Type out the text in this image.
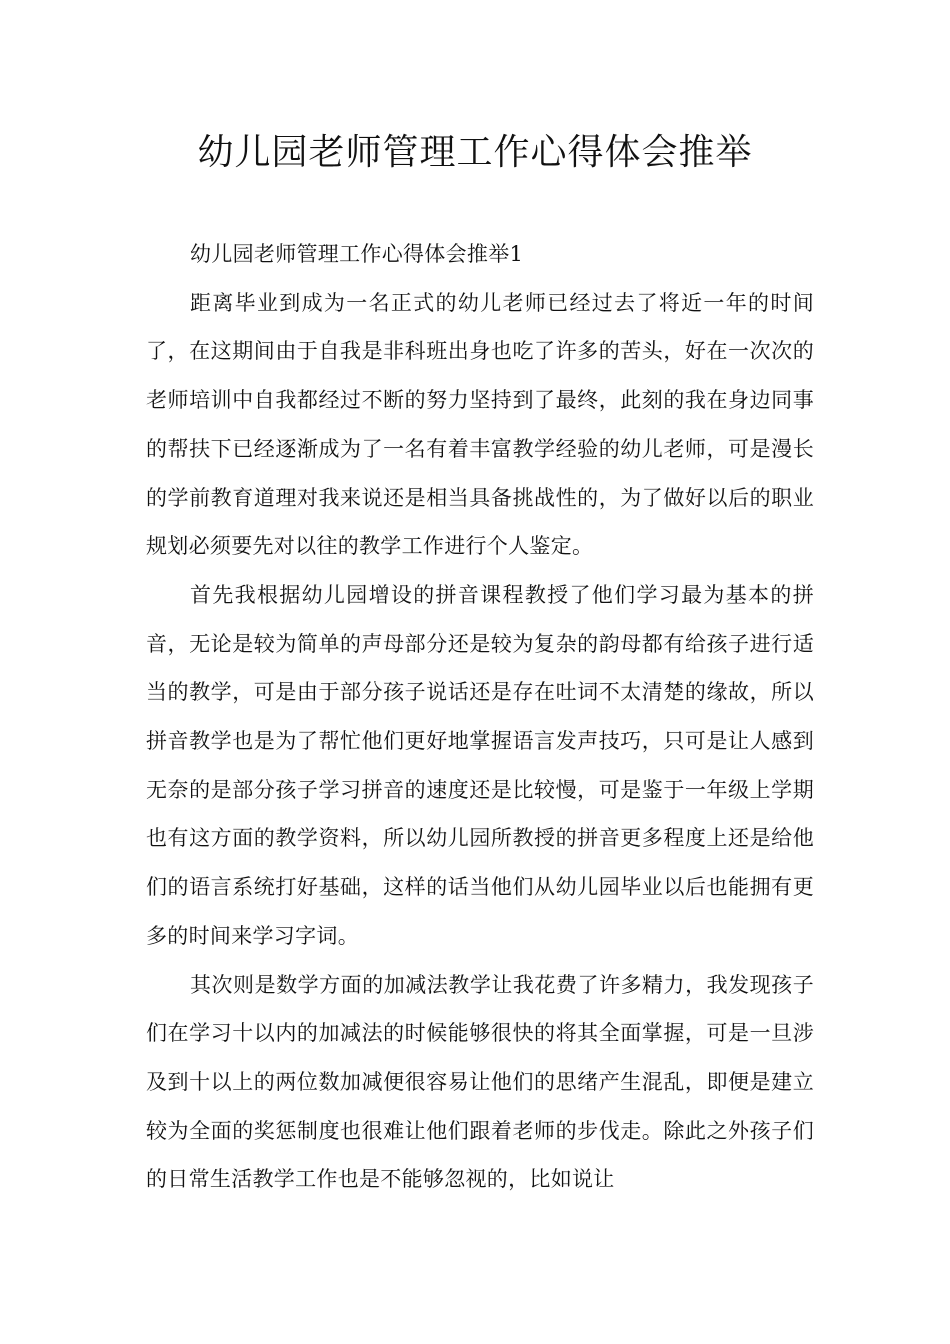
幼儿园老师管理工作心得体会推举

幼儿园老师管理工作心得体会推举1

距离毕业到成为一名正式的幼儿老师已经过去了将近一年的时间了，在这期间由于自我是非科班出身也吃了许多的苦头，好在一次次的老师培训中自我都经过不断的努力坚持到了最终，此刻的我在身边同事的帮扶下已经逐渐成为了一名有着丰富教学经验的幼儿老师，可是漫长的学前教育道理对我来说还是相当具备挑战性的，为了做好以后的职业规划必须要先对以往的教学工作进行个人鉴定。

首先我根据幼儿园增设的拼音课程教授了他们学习最为基本的拼音，无论是较为简单的声母部分还是较为复杂的韵母都有给孩子进行适当的教学，可是由于部分孩子说话还是存在吐词不太清楚的缘故，所以拼音教学也是为了帮忙他们更好地掌握语言发声技巧，只可是让人感到无奈的是部分孩子学习拼音的速度还是比较慢，可是鉴于一年级上学期也有这方面的教学资料，所以幼儿园所教授的拼音更多程度上还是给他们的语言系统打好基础，这样的话当他们从幼儿园毕业以后也能拥有更多的时间来学习字词。

其次则是数学方面的加减法教学让我花费了许多精力，我发现孩子们在学习十以内的加减法的时候能够很快的将其全面掌握，可是一旦涉及到十以上的两位数加减便很容易让他们的思绪产生混乱，即便是建立较为全面的奖惩制度也很难让他们跟着老师的步伐走。除此之外孩子们的日常生活教学工作也是不能够忽视的，比如说让
